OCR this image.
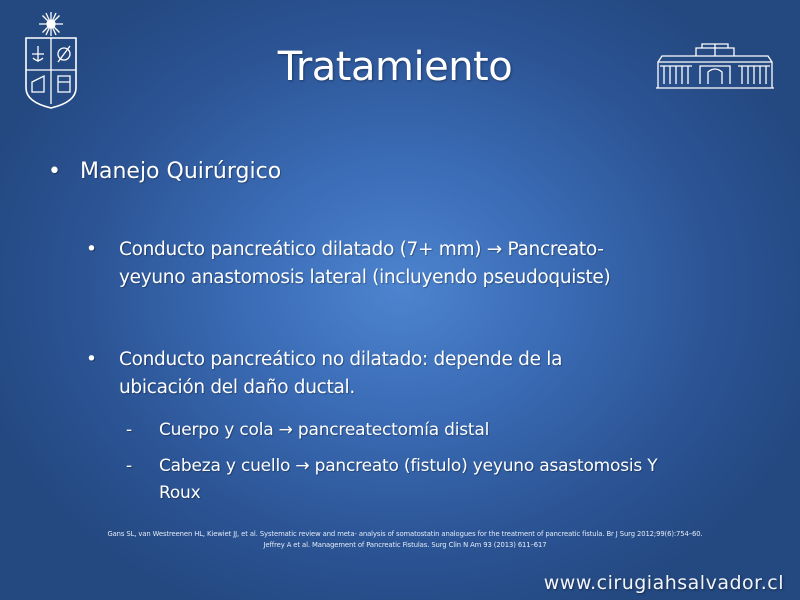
Tratamiento
• Manejo Quirúrgico
•	Conducto pancreático dilatado (7+ mm) → Pancreato-
yeyuno anastomosis lateral (incluyendo pseudoquiste)
•	Conducto pancreático no dilatado: depende de la
ubicación del daño ductal.
-	Cuerpo y cola → pancreatectomía distal
-	Cabeza y cuello → pancreato (fistulo) yeyuno asastomosis Y
Roux
Gans SL, van Westreenen HL, Kiewiet JJ, et al. Systematic review and meta- analysis of somatostatin analogues for the treatment of pancreatic fistula. Br J Surg 2012;99(6):754–60.
Jeffrey A et al. Management of Pancreatic Fistulas. Surg Clin N Am 93 (2013) 611–617
www.cirugiahsalvador.cl
